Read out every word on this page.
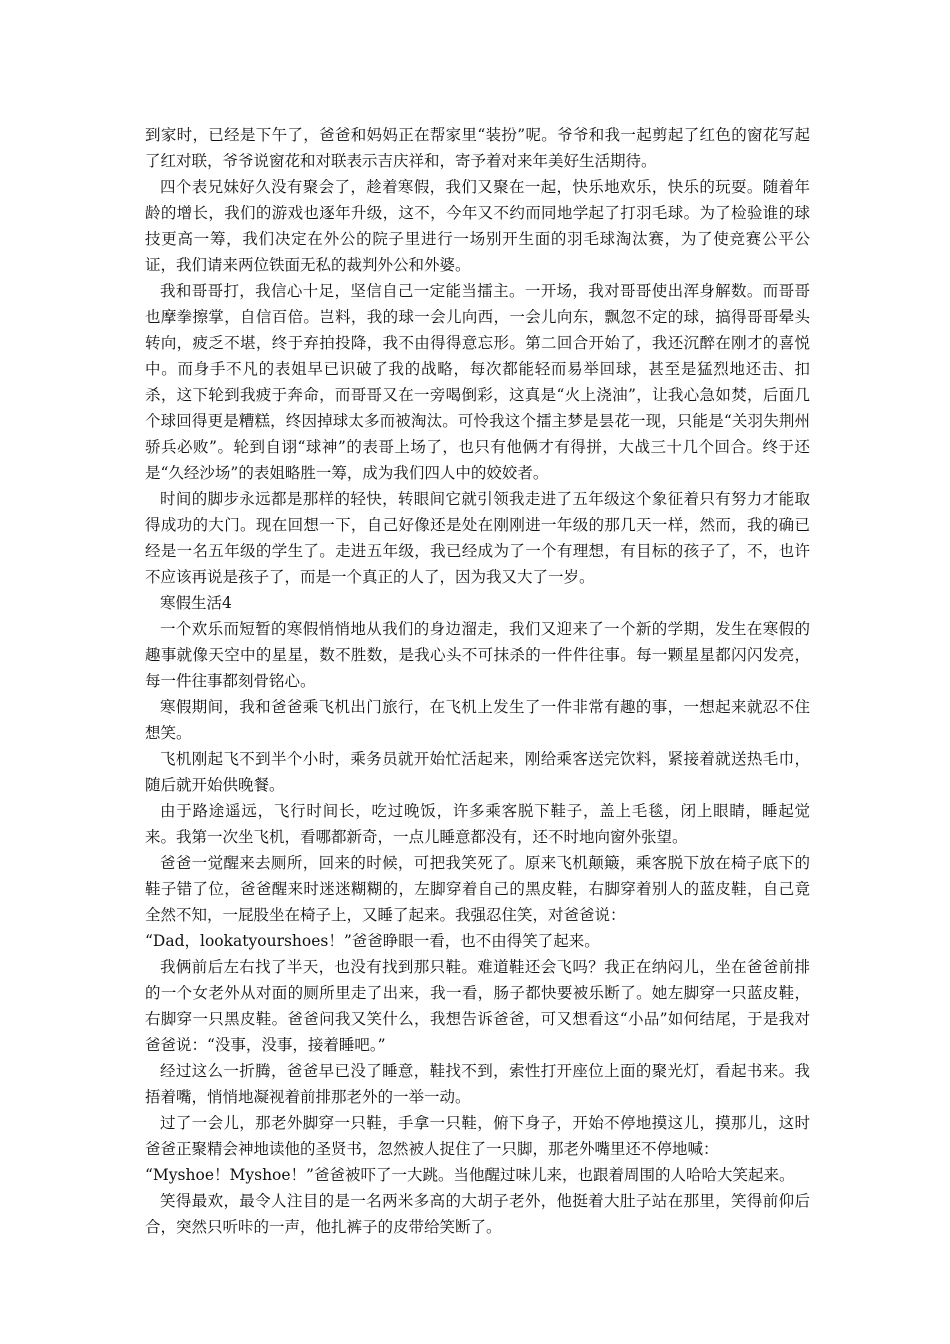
到家时，已经是下午了，爸爸和妈妈正在帮家里“装扮”呢。爷爷和我一起剪起了红色的窗花写起了红对联，爷爷说窗花和对联表示吉庆祥和，寄予着对来年美好生活期待。

四个表兄妹好久没有聚会了，趁着寒假，我们又聚在一起，快乐地欢乐，快乐的玩耍。随着年龄的增长，我们的游戏也逐年升级，这不，今年又不约而同地学起了打羽毛球。为了检验谁的球技更高一筹，我们决定在外公的院子里进行一场别开生面的羽毛球淘汰赛，为了使竞赛公平公证，我们请来两位铁面无私的裁判外公和外婆。

我和哥哥打，我信心十足，坚信自己一定能当擂主。一开场，我对哥哥使出浑身解数。而哥哥也摩拳擦掌，自信百倍。岂料，我的球一会儿向西，一会儿向东，飘忽不定的球，搞得哥哥晕头转向，疲乏不堪，终于弃拍投降，我不由得得意忘形。第二回合开始了，我还沉醉在刚才的喜悦中。而身手不凡的表姐早已识破了我的战略，每次都能轻而易举回球，甚至是猛烈地还击、扣杀，这下轮到我疲于奔命，而哥哥又在一旁喝倒彩，这真是“火上浇油”，让我心急如焚，后面几个球回得更是糟糕，终因掉球太多而被淘汰。可怜我这个擂主梦是昙花一现，只能是“关羽失荆州骄兵必败”。轮到自诩“球神”的表哥上场了，也只有他俩才有得拼，大战三十几个回合。终于还是“久经沙场”的表姐略胜一筹，成为我们四人中的姣姣者。

时间的脚步永远都是那样的轻快，转眼间它就引领我走进了五年级这个象征着只有努力才能取得成功的大门。现在回想一下，自己好像还是处在刚刚进一年级的那几天一样，然而，我的确已经是一名五年级的学生了。走进五年级，我已经成为了一个有理想，有目标的孩子了，不，也许不应该再说是孩子了，而是一个真正的人了，因为我又大了一岁。

寒假生活4

一个欢乐而短暂的寒假悄悄地从我们的身边溜走，我们又迎来了一个新的学期，发生在寒假的趣事就像天空中的星星，数不胜数，是我心头不可抹杀的一件件往事。每一颗星星都闪闪发亮，每一件往事都刻骨铭心。

寒假期间，我和爸爸乘飞机出门旅行，在飞机上发生了一件非常有趣的事，一想起来就忍不住想笑。

飞机刚起飞不到半个小时，乘务员就开始忙活起来，刚给乘客送完饮料，紧接着就送热毛巾，随后就开始供晚餐。

由于路途遥远，飞行时间长，吃过晚饭，许多乘客脱下鞋子，盖上毛毯，闭上眼睛，睡起觉来。我第一次坐飞机，看哪都新奇，一点儿睡意都没有，还不时地向窗外张望。

爸爸一觉醒来去厕所，回来的时候，可把我笑死了。原来飞机颠簸，乘客脱下放在椅子底下的鞋子错了位，爸爸醒来时迷迷糊糊的，左脚穿着自己的黑皮鞋，右脚穿着别人的蓝皮鞋，自己竟全然不知，一屁股坐在椅子上，又睡了起来。我强忍住笑，对爸爸说：

“Dad，lookatyourshoes！”爸爸睁眼一看，也不由得笑了起来。

我俩前后左右找了半天，也没有找到那只鞋。难道鞋还会飞吗？我正在纳闷儿，坐在爸爸前排的一个女老外从对面的厕所里走了出来，我一看，肠子都快要被乐断了。她左脚穿一只蓝皮鞋，右脚穿一只黑皮鞋。爸爸问我又笑什么，我想告诉爸爸，可又想看这“小品”如何结尾，于是我对爸爸说：“没事，没事，接着睡吧。”

经过这么一折腾，爸爸早已没了睡意，鞋找不到，索性打开座位上面的聚光灯，看起书来。我捂着嘴，悄悄地凝视着前排那老外的一举一动。

过了一会儿，那老外脚穿一只鞋，手拿一只鞋，俯下身子，开始不停地摸这儿，摸那儿，这时爸爸正聚精会神地读他的圣贤书，忽然被人捉住了一只脚，那老外嘴里还不停地喊：

“Myshoe！Myshoe！”爸爸被吓了一大跳。当他醒过味儿来，也跟着周围的人哈哈大笑起来。

笑得最欢，最令人注目的是一名两米多高的大胡子老外，他挺着大肚子站在那里，笑得前仰后合，突然只听咔的一声，他扎裤子的皮带给笑断了。
